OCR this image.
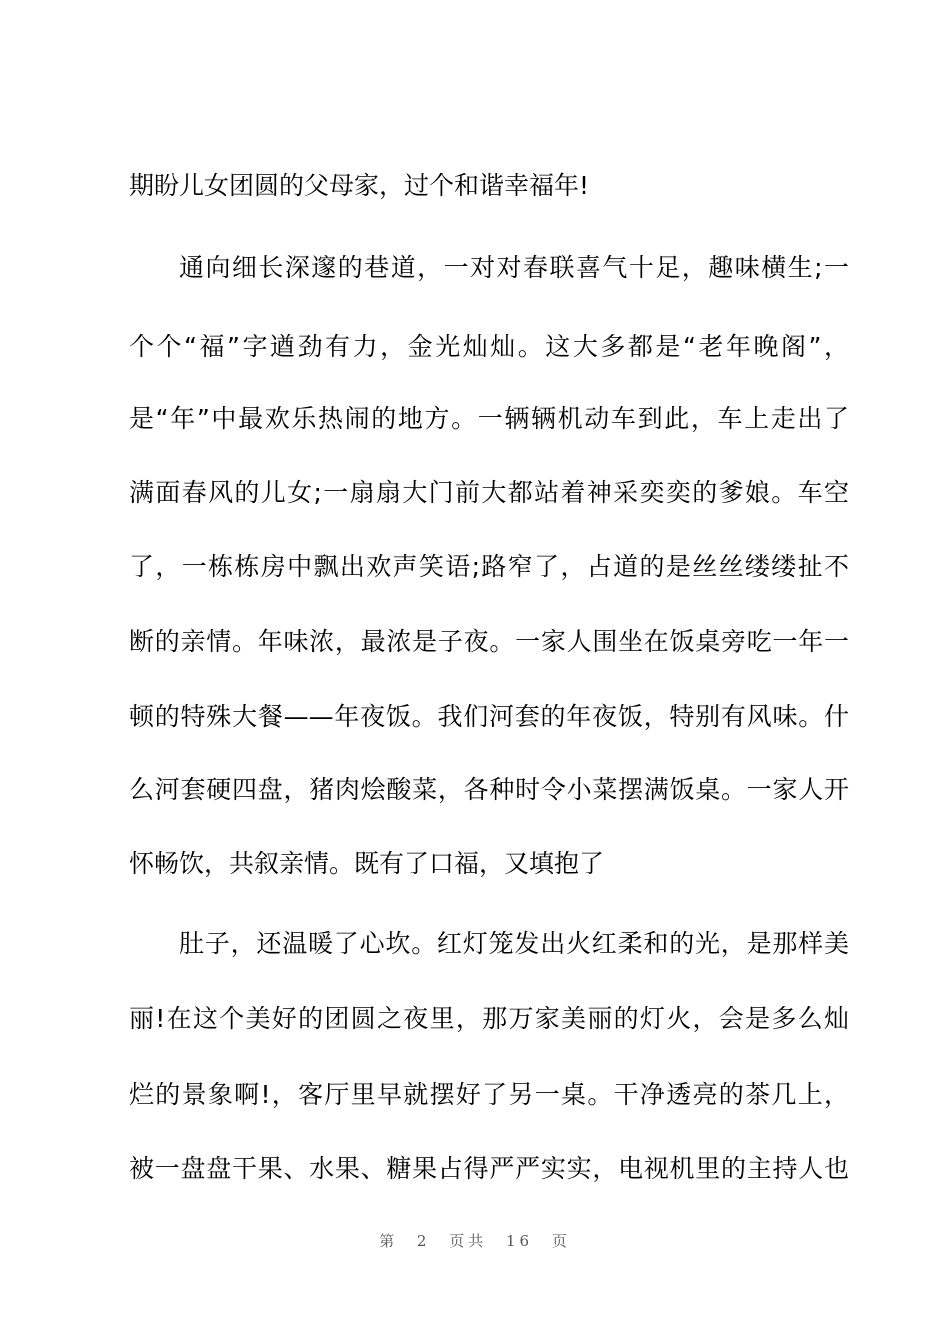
期盼儿女团圆的父母家，过个和谐幸福年!
通向细长深邃的巷道，一对对春联喜气十足，趣味横生;一
个个“福”字遒劲有力，金光灿灿。这大多都是“老年晚阁”，
是“年”中最欢乐热闹的地方。一辆辆机动车到此，车上走出了
满面春风的儿女;一扇扇大门前大都站着神采奕奕的爹娘。车空
了，一栋栋房中飘出欢声笑语;路窄了，占道的是丝丝缕缕扯不
断的亲情。年味浓，最浓是子夜。一家人围坐在饭桌旁吃一年一
顿的特殊大餐——年夜饭。我们河套的年夜饭，特别有风味。什
么河套硬四盘，猪肉烩酸菜，各种时令小菜摆满饭桌。一家人开
怀畅饮，共叙亲情。既有了口福，又填抱了
肚子，还温暖了心坎。红灯笼发出火红柔和的光，是那样美
丽!在这个美好的团圆之夜里，那万家美丽的灯火，会是多么灿
烂的景象啊!，客厅里早就摆好了另一桌。干净透亮的茶几上，
被一盘盘干果、水果、糖果占得严严实实，电视机里的主持人也
第 2 页共 16 页
